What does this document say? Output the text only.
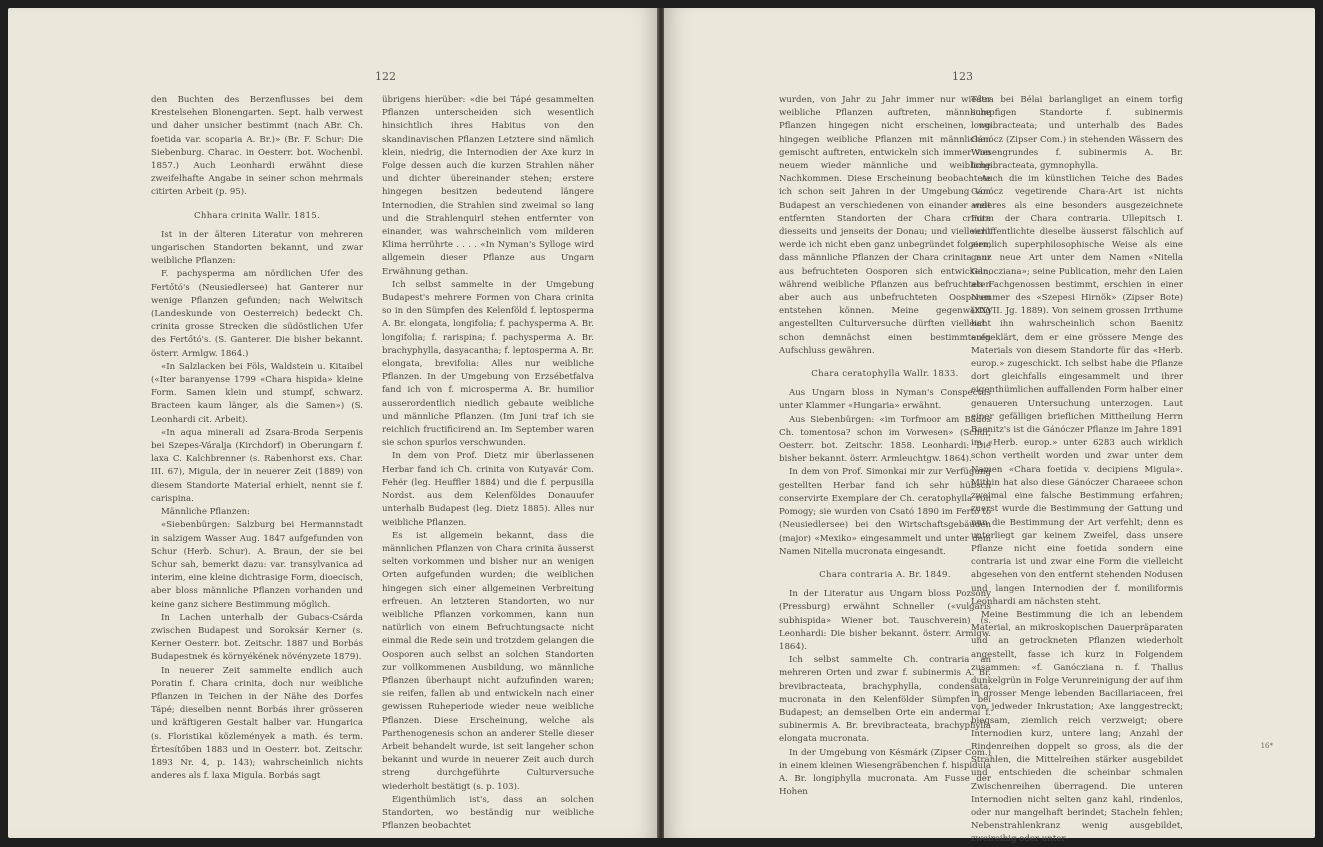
122

den Buchten des Berzenflusses bei dem Krestelsehen Blonengarten. Sept. halb verwest und daher unsicher bestimmt (nach ABr. Ch. foetida var. scoparia A. Br.)» (Br. F. Schur: Die Siebenburg. Charac. in Oesterr. bot. Wochenbl. 1857.) Auch Leonhardi erwähnt diese zweifelhafte Angabe in seiner schon mehrmals citirten Arbeit (p. 95).

Chhara crinita Wallr. 1815.

Ist in der älteren Literatur von mehreren ungarischen Standorten bekannt, und zwar weibliche Pflanzen:

F. pachysperma am nördlichen Ufer des Fertőtó's (Neusiedlersee) hat Ganterer nur wenige Pflanzen gefunden; nach Welwitsch (Landeskunde von Oesterreich) bedeckt Ch. crinita grosse Strecken die südöstlichen Ufer des Fertőtó's. (S. Ganterer. Die bisher bekannt. österr. Armlgw. 1864.)

«In Salzlacken bei Föls, Waldstein u. Kitaibel («Iter baranyense 1799 «Chara hispida» kleine Form. Samen klein und stumpf, schwarz. Bracteen kaum länger, als die Samen») (S. Leonhardi cit. Arbeit).

«In aqua minerali ad Zsara-Broda Serpenis bei Szepes-Váralja (Kirchdorf) in Oberungarn f. laxa C. Kalchbrenner (s. Rabenhorst exs. Char. III. 67), Migula, der in neuerer Zeit (1889) von diesem Standorte Material erhielt, nennt sie f. carispina.

Männliche Pflanzen:

«Siebenbürgen: Salzburg bei Hermannstadt in salzigem Wasser Aug. 1847 aufgefunden von Schur (Herb. Schur). A. Braun, der sie bei Schur sah, bemerkt dazu: var. transylvanica ad interim, eine kleine dichtrasige Form, dioecisch, aber bloss männliche Pflanzen vorhanden und keine ganz sichere Bestimmung möglich.

In Lachen unterhalb der Gubacs-Csárda zwischen Budapest und Soroksár Kerner (s. Kerner Oesterr. bot. Zeitschr. 1887 und Borbás Budapestnek és környékének növényzete 1879).

In neuerer Zeit sammelte endlich auch Poratin f. Chara crinita, doch nur weibliche Pflanzen in Teichen in der Nähe des Dorfes Tápé; dieselben nennt Borbás ihrer grösseren und kräftigeren Gestalt halber var. Hungarica (s. Floristikai közlemények a math. és term. Értesítőben 1883 und in Oesterr. bot. Zeitschr. 1893 Nr. 4, p. 143); wahrscheinlich nichts anderes als f. laxa Migula. Borbás sagt

übrigens hierüber: «die bei Tápé gesammelten Pflanzen unterscheiden sich wesentlich hinsichtlich ihres Habitus von den skandinavischen Pflanzen Letztere sind nämlich klein, niedrig, die Internodien der Axe kurz in Folge dessen auch die kurzen Strahlen näher und dichter übereinander stehen; erstere hingegen besitzen bedeutend längere Internodien, die Strahlen sind zweimal so lang und die Strahlenquirl stehen entfernter von einander, was wahrscheinlich vom milderen Klima herrührte . . . . «In Nyman's Sylloge wird allgemein dieser Pflanze aus Ungarn Erwähnung gethan.

Ich selbst sammelte in der Umgebung Budapest's mehrere Formen von Chara crinita so in den Sümpfen des Kelenföld f. leptosperma A. Br. elongata, longifolia; f. pachysperma A. Br. longifolia; f. rarispina; f. pachysperma A. Br. brachyphylla, dasyacantha; f. leptosperma A. Br. elongata, brevifolia: Alles nur weibliche Pflanzen. In der Umgebung von Erzsébetfalva fand ich von f. microsperma A. Br. humilior ausserordentlich niedlich gebaute weibliche und männliche Pflanzen. (Im Juni traf ich sie reichlich fructificirend an. Im September waren sie schon spurlos verschwunden.

In dem von Prof. Dietz mir überlassenen Herbar fand ich Ch. crinita von Kutyavár Com. Fehér (leg. Heuffler 1884) und die f. perpusilla Nordst. aus dem Kelenföldes Donauufer unterhalb Budapest (leg. Dietz 1885). Alles nur weibliche Pflanzen.

Es ist allgemein bekannt, dass die männlichen Pflanzen von Chara crinita äusserst selten vorkommen und bisher nur an wenigen Orten aufgefunden wurden; die weiblichen hingegen sich einer allgemeinen Verbreitung erfreuen. An letzteren Standorten, wo nur weibliche Pflanzen vorkommen, kann nun natürlich von einem Befruchtungsacte nicht einmal die Rede sein und trotzdem gelangen die Oosporen auch selbst an solchen Standorten zur vollkommenen Ausbildung, wo männliche Pflanzen überhaupt nicht aufzufinden waren; sie reifen, fallen ab und entwickeln nach einer gewissen Ruheperiode wieder neue weibliche Pflanzen. Diese Erscheinung, welche als Parthenogenesis schon an anderer Stelle dieser Arbeit behandelt wurde, ist seit langeher schon bekannt und wurde in neuerer Zeit auch durch streng durchgeführte Culturversuche wiederholt bestätigt (s. p. 103).

Eigenthümlich ist's, dass an solchen Standorten, wo beständig nur weibliche Pflanzen beobachtet

123

wurden, von Jahr zu Jahr immer nur wieder weibliche Pflanzen auftreten, männliche Pflanzen hingegen nicht erscheinen, wo hingegen weibliche Pflanzen mit männlichen gemischt auftreten, entwickeln sich immer von neuem wieder männliche und weibliche Nachkommen. Diese Erscheinung beobachtete ich schon seit Jahren in der Umgebung von Budapest an verschiedenen von einander weit entfernten Standorten der Chara crinita diesseits und jenseits der Donau; und vielleicht werde ich nicht eben ganz unbegründet folgern, dass männliche Pflanzen der Chara crinita nur aus befruchteten Oosporen sich entwickeln, während weibliche Pflanzen aus befruchteten aber auch aus unbefruchteten Oosporen entstehen können. Meine gegenwärtig angestellten Culturversuche dürften vielleicht schon demnächst einen bestimmteren Aufschluss gewähren.

Chara ceratophylla Wallr. 1833.

Aus Ungarn bloss in Nyman's Conspectus unter Klammer «Hungaria» erwähnt.

Aus Siebenbürgen: «im Torfmoor am Bädös Ch. tomentosa? schon im Vorwesen» (Schur, Oesterr. bot. Zeitschr. 1858. Leonhardi: Die bisher bekannt. österr. Armleuchtgw. 1864).

In dem von Prof. Simonkai mir zur Verfügung gestellten Herbar fand ich sehr hübsch conservirte Exemplare der Ch. ceratophylla von Pomogy; sie wurden von Csató 1890 im Fertő tó (Neusiedlersee) bei den Wirtschaftsgebäuden (major) «Mexiko» eingesammelt und unter dem Namen Nitella mucronata eingesandt.

Chara contraria A. Br. 1849.

In der Literatur aus Ungarn bloss Pozsony (Pressburg) erwähnt Schneller («vulgaris subhispida» Wiener bot. Tauschverein) (s. Leonhardi: Die bisher bekannt. österr. Armlgw. 1864).

Ich selbst sammelte Ch. contraria an mehreren Orten und zwar f. subinermis A. Br. brevibracteata, brachyphylla, condensata, mucronata in den Kelenfölder Sümpfen bei Budapest; an demselben Orte ein andermal f. subinermis A. Br. brevibracteata, brachyphylla elongata mucronata.

In der Umgebung von Késmárk (Zipser Com.) in einem kleinen Wiesengräbenchen f. hispidula A. Br. longiphylla mucronata. Am Fusse der Hohen

Tátra bei Bélai barlangliget an einem torfig sumpfigen Standorte f. subinermis longibracteata; und unterhalb des Bades Gánócz (Zipser Com.) in stehenden Wässern des Wiesengrundes f. subinermis A. Br. longibracteata, gymnophylla.

Auch die im künstlichen Teiche des Bades Gánócz vegetirende Chara-Art ist nichts anderes als eine besonders ausgezeichnete Form der Chara contraria. Ullepitsch I. veröffentlichte dieselbe äusserst fälschlich auf ziemlich superphilosophische Weise als eine ganz neue Art unter dem Namen «Nitella Ganocziana»; seine Publication, mehr den Laien als Fachgenossen bestimmt, erschien in einer Nummer des «Szepesi Hirnök» (Zipser Bote) (XXVII. Jg. 1889). Von seinem grossen Irrthume hat ihn wahrscheinlich schon Baenitz aufgeklärt, dem er eine grössere Menge des Materials von diesem Standorte für das «Herb. europ.» zugeschickt. Ich selbst habe die Pflanze dort gleichfalls eingesammelt und ihrer eigenthümlichen auffallenden Form halber einer genaueren Untersuchung unterzogen. Laut einer gefälligen brieflichen Mittheilung Herrn Baenitz's ist die Gánóczer Pflanze im Jahre 1891 im «Herb. europ.» unter 6283 auch wirklich schon vertheilt worden und zwar unter dem Namen «Chara foetida v. decipiens Migula». Mithin hat also diese Gánóczer Charaeee schon zweimal eine falsche Bestimmung erfahren; zuerst wurde die Bestimmung der Gattung und nun die Bestimmung der Art verfehlt; denn es unterliegt gar keinem Zweifel, dass unsere Pflanze nicht eine foetida sondern eine contraria ist und zwar eine Form die vielleicht abgesehen von den entfernt stehenden Nodusen und langen Internodien der f. moniliformis Leonhardi am nächsten steht.

Meine Bestimmung die ich an lebendem Material, an mikroskopischen Dauerpräparaten und an getrockneten Pflanzen wiederholt angestellt, fasse ich kurz in Folgendem zusammen: «f. Ganócziana n. f. Thallus dunkelgrün in Folge Verunreinigung der auf ihm in grosser Menge lebenden Bacillariaceen, frei von jedweder Inkrustation; Axe langgestreckt; biegsam, ziemlich reich verzweigt; obere Internodien kurz, untere lang; Anzahl der Rindenreihen doppelt so gross, als die der Strahlen, die Mittelreihen stärker ausgebildet und entschieden die scheinbar schmalen Zwischenreihen überragend. Die unteren Internodien nicht selten ganz kahl, rindenlos, oder nur mangelhaft berindet; Stacheln fehlen; Nebenstrahlenkranz wenig ausgebildet, zweireihig oder unter-

16*
